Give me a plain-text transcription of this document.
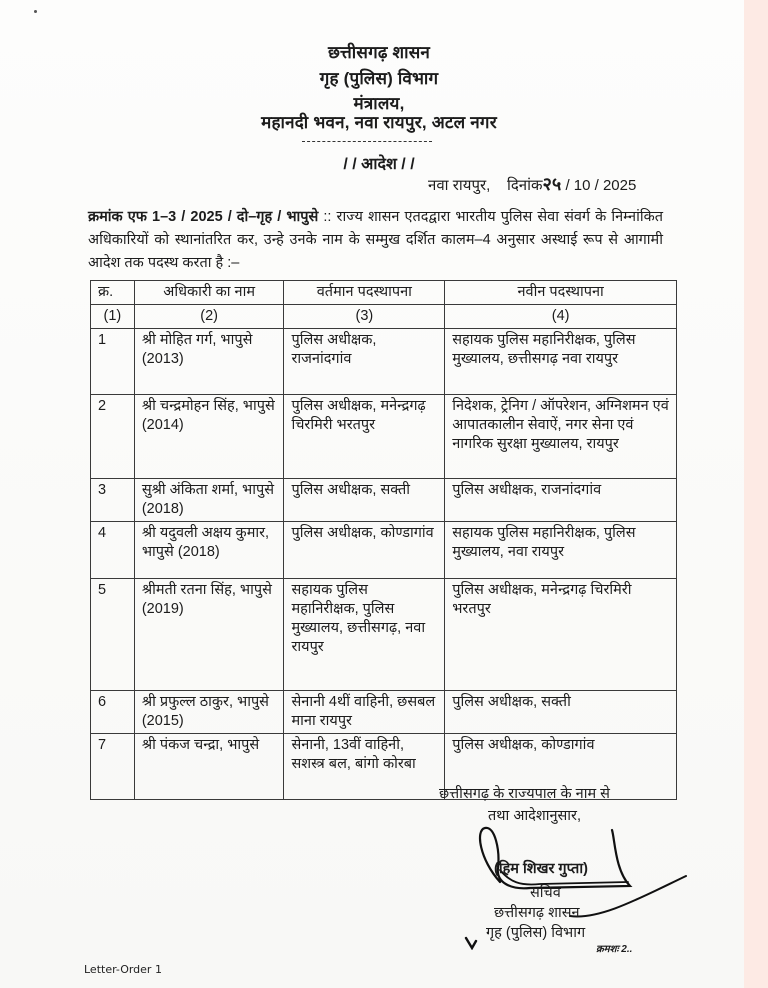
छत्तीसगढ़ शासन
गृह (पुलिस) विभाग
मंत्रालय,
महानदी भवन, नवा रायपुर, अटल नगर
/ / आदेश / /
नवा रायपुर, दिनांक२५ / 10 / 2025
क्रमांक एफ 1–3 / 2025 / दो–गृह / भापुसे :: राज्य शासन एतदद्वारा भारतीय पुलिस सेवा संवर्ग के निम्नांकित अधिकारियों को स्थानांतरित कर, उन्हे उनके नाम के सम्मुख दर्शित कालम–4 अनुसार अस्थाई रूप से आगामी आदेश तक पदस्थ करता है :–
क्र.	अधिकारी का नाम	वर्तमान पदस्थापना	नवीन पदस्थापना
(1)	(2)	(3)	(4)
1	श्री मोहित गर्ग, भापुसे (2013)	पुलिस अधीक्षक, राजनांदगांव	सहायक पुलिस महानिरीक्षक, पुलिस मुख्यालय, छत्तीसगढ़ नवा रायपुर
2	श्री चन्द्रमोहन सिंह, भापुसे (2014)	पुलिस अधीक्षक, मनेन्द्रगढ़ चिरमिरी भरतपुर	निदेशक, ट्रेनिग / ऑपरेशन, अग्निशमन एवं आपातकालीन सेवाऐं, नगर सेना एवं नागरिक सुरक्षा मुख्यालय, रायपुर
3	सुश्री अंकिता शर्मा, भापुसे (2018)	पुलिस अधीक्षक, सक्ती	पुलिस अधीक्षक, राजनांदगांव
4	श्री यदुवली अक्षय कुमार, भापुसे (2018)	पुलिस अधीक्षक, कोण्डागांव	सहायक पुलिस महानिरीक्षक, पुलिस मुख्यालय, नवा रायपुर
5	श्रीमती रतना सिंह, भापुसे (2019)	सहायक पुलिस महानिरीक्षक, पुलिस मुख्यालय, छत्तीसगढ़, नवा रायपुर	पुलिस अधीक्षक, मनेन्द्रगढ़ चिरमिरी भरतपुर
6	श्री प्रफुल्ल ठाकुर, भापुसे (2015)	सेनानी 4थीं वाहिनी, छसबल माना रायपुर	पुलिस अधीक्षक, सक्ती
7	श्री पंकज चन्द्रा, भापुसे	सेनानी, 13वीं वाहिनी, सशस्त्र बल, बांगो कोरबा	पुलिस अधीक्षक, कोण्डागांव
छत्तीसगढ़ के राज्यपाल के नाम से
तथा आदेशानुसार,
(हिम शिखर गुप्ता)
सचिव
छत्तीसगढ़ शासन
गृह (पुलिस) विभाग
क्रमशः 2..
Letter-Order 1
